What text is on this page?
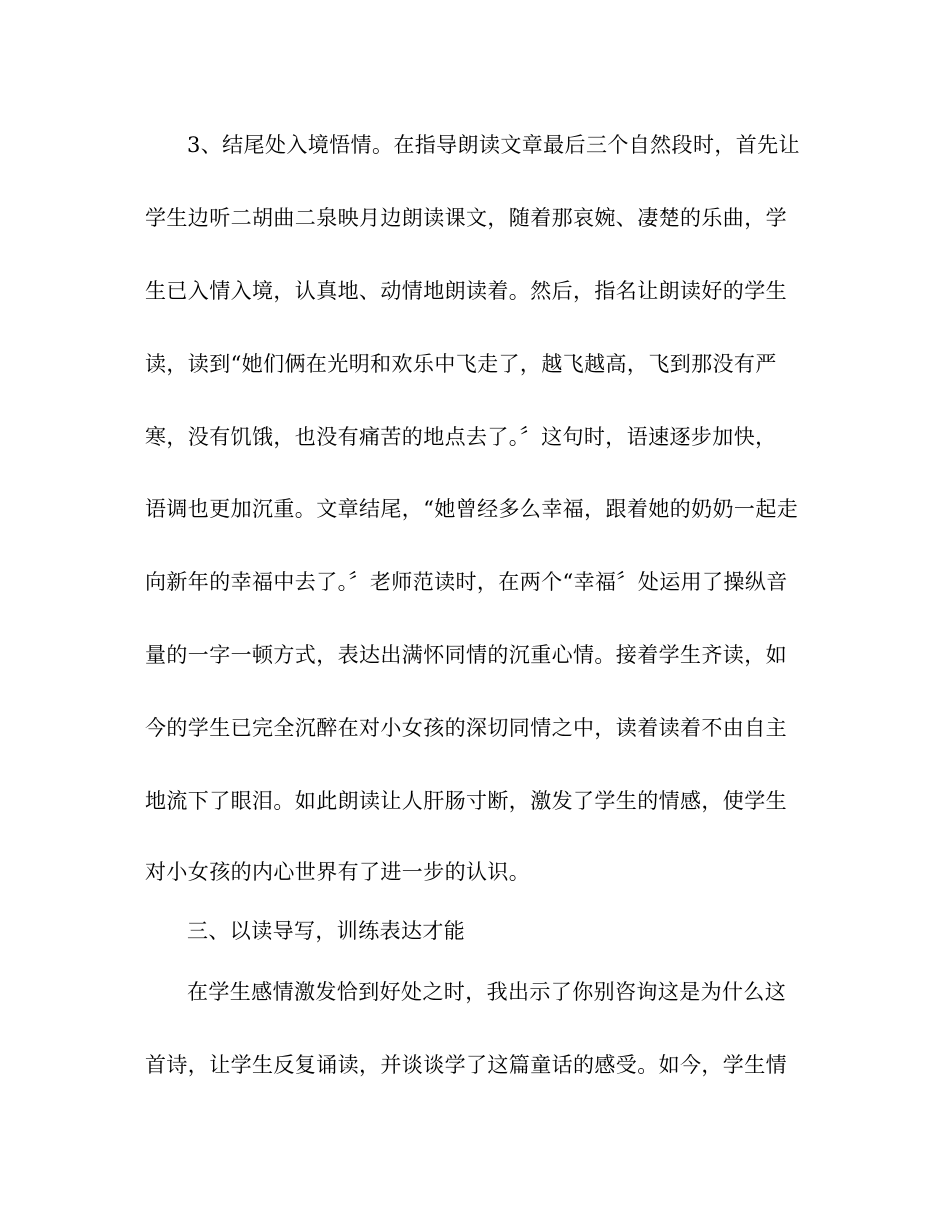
3、结尾处入境悟情。在指导朗读文章最后三个自然段时，首先让
学生边听二胡曲二泉映月边朗读课文，随着那哀婉、凄楚的乐曲，学
生已入情入境，认真地、动情地朗读着。然后，指名让朗读好的学生
读，读到“她们俩在光明和欢乐中飞走了，越飞越高，飞到那没有严
寒，没有饥饿，也没有痛苦的地点去了。〞这句时，语速逐步加快，
语调也更加沉重。文章结尾，“她曾经多么幸福，跟着她的奶奶一起走
向新年的幸福中去了。〞老师范读时，在两个“幸福〞处运用了操纵音
量的一字一顿方式，表达出满怀同情的沉重心情。接着学生齐读，如
今的学生已完全沉醉在对小女孩的深切同情之中，读着读着不由自主
地流下了眼泪。如此朗读让人肝肠寸断，激发了学生的情感，使学生
对小女孩的内心世界有了进一步的认识。
三、以读导写，训练表达才能
在学生感情激发恰到好处之时，我出示了你别咨询这是为什么这
首诗，让学生反复诵读，并谈谈学了这篇童话的感受。如今，学生情
